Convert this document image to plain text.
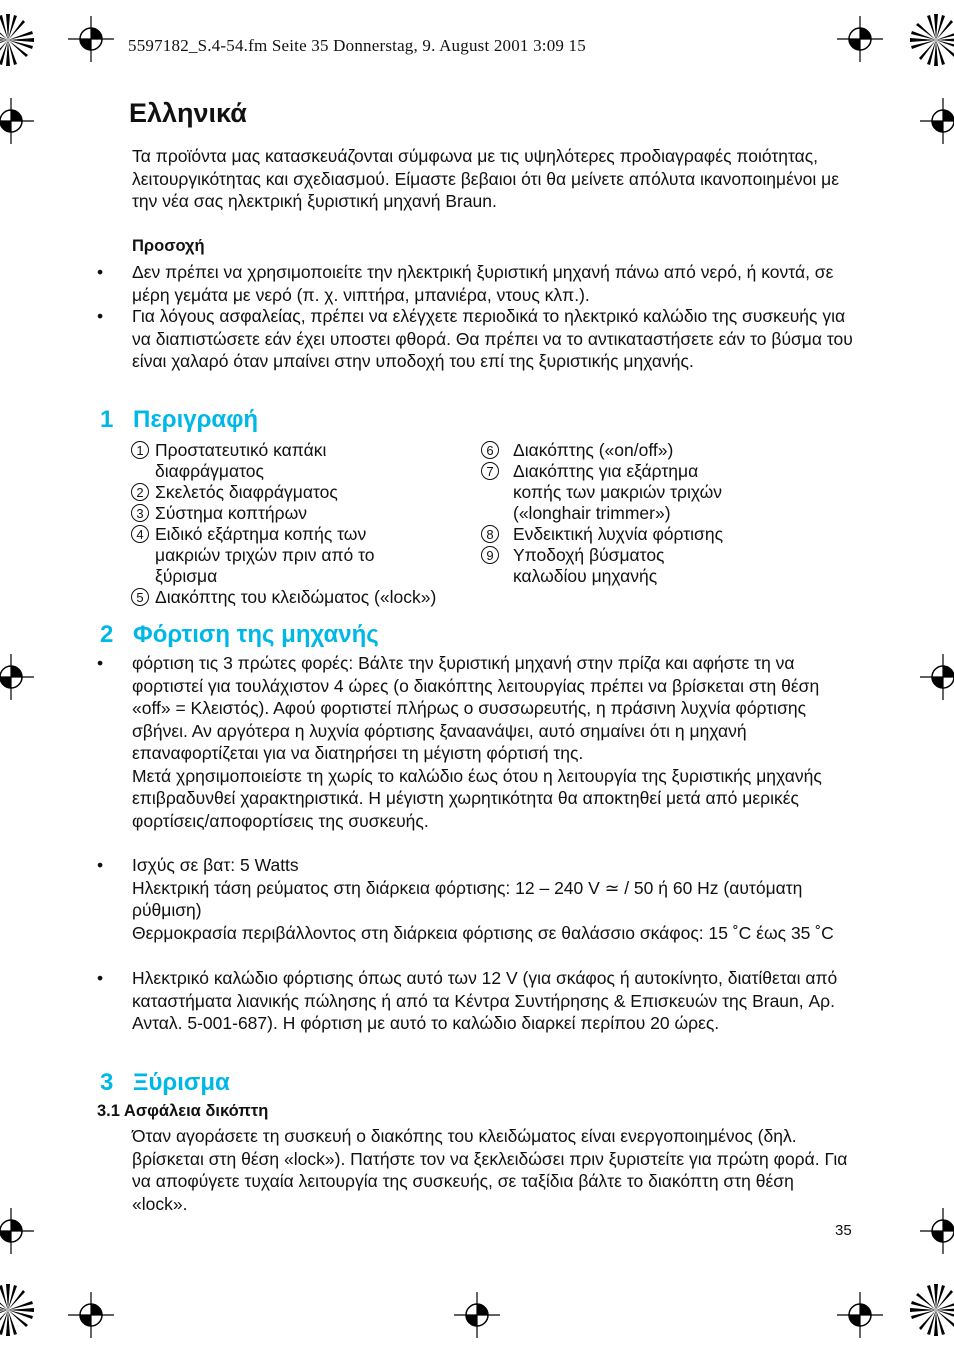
5597182_S.4-54.fm Seite 35 Donnerstag, 9. August 2001 3:09 15
Ελληνικά
Τα προϊόντα μας κατασκευάζονται σύμφωνα με τις υψηλότερες προδιαγραφές ποιότητας, λειτουργικότητας και σχεδιασμού. Είμαστε βεβαιοι ότι θα μείνετε απόλυτα ικανοποιημένοι με την νέα σας ηλεκτρική ξυριστική μηχανή Braun.
Προσοχή
•	Δεν πρέπει να χρησιμοποιείτε την ηλεκτρική ξυριστική μηχανή πάνω από νερό, ή κοντά, σε μέρη γεμάτα με νερό (π. χ. νιπτήρα, μπανιέρα, ντους κλπ.).
•	Για λόγους ασφαλείας, πρέπει να ελέγχετε περιοδικά το ηλεκτρικό καλώδιο της συσκευής για να διαπιστώσετε εάν έχει υποστει φθορά. Θα πρέπει να το αντικαταστήσετε εάν το βύσμα του είναι χαλαρό όταν μπαίνει στην υποδοχή του επί της ξυριστικής μηχανής.
1 Περιγραφή
1 Προστατευτικό καπάκι διαφράγματος
2 Σκελετός διαφράγματος
3 Σύστημα κοπτήρων
4 Ειδικό εξάρτημα κοπής των μακριών τριχών πριν από το ξύρισμα
5 Διακόπτης του κλειδώματος («lock»)
6	Διακόπτης («on/off»)
7	Διακόπτης για εξάρτημα κοπής των μακριών τριχών («longhair trimmer»)
8	Ενδεικτική λυχνία φόρτισης
9	Υποδοχή βύσματος καλωδίου μηχανής
2 Φόρτιση της μηχανής
•	φόρτιση τις 3 πρώτες φορές: Βάλτε την ξυριστική μηχανή στην πρίζα και αφήστε τη να φορτιστεί για τουλάχιστον 4 ώρες (ο διακόπτης λειτουργίας πρέπει να βρίσκεται στη θέση «off» = Κλειστός). Αφού φορτιστεί πλήρως ο συσσωρευτής, η πράσινη λυχνία φόρτισης σβήνει. Αν αργότερα η λυχνία φόρτισης ξαναανάψει, αυτό σημαίνει ότι η μηχανή επαναφορτίζεται για να διατηρήσει τη μέγιστη φόρτισή της.
Μετά χρησιμοποιείστε τη χωρίς το καλώδιο έως ότου η λειτουργία της ξυριστικής μηχανής επιβραδυνθεί χαρακτηριστικά. Η μέγιστη χωρητικότητα θα αποκτηθεί μετά από μερικές φορτίσεις/αποφορτίσεις της συσκευής.
•	Ισχύς σε βατ: 5 Watts
Ηλεκτρική τάση ρεύματος στη διάρκεια φόρτισης: 12 – 240 V ≃ / 50 ή 60 Hz (αυτόματη ρύθμιση)
Θερμοκρασία περιβάλλοντος στη διάρκεια φόρτισης σε θαλάσσιο σκάφος: 15 ˚C έως 35 ˚C
•	Ηλεκτρικό καλώδιο φόρτισης όπως αυτό των 12 V (για σκάφος ή αυτοκίνητο, διατίθεται από καταστήματα λιανικής πώλησης ή από τα Κέντρα Συντήρησης & Επισκευών της Braun, Αρ. Ανταλ. 5-001-687). Η φόρτιση με αυτό το καλώδιο διαρκεί περίπου 20 ώρες.
3 Ξύρισμα
3.1 Ασφάλεια δικόπτη
Όταν αγοράσετε τη συσκευή ο διακόπης του κλειδώματος είναι ενεργοποιημένος (δηλ. βρίσκεται στη θέση «lock»). Πατήστε τον να ξεκλειδώσει πριν ξυριστείτε για πρώτη φορά. Για να αποφύγετε τυχαία λειτουργία της συσκευής, σε ταξίδια βάλτε το διακόπτη στη θέση «lock».
35
